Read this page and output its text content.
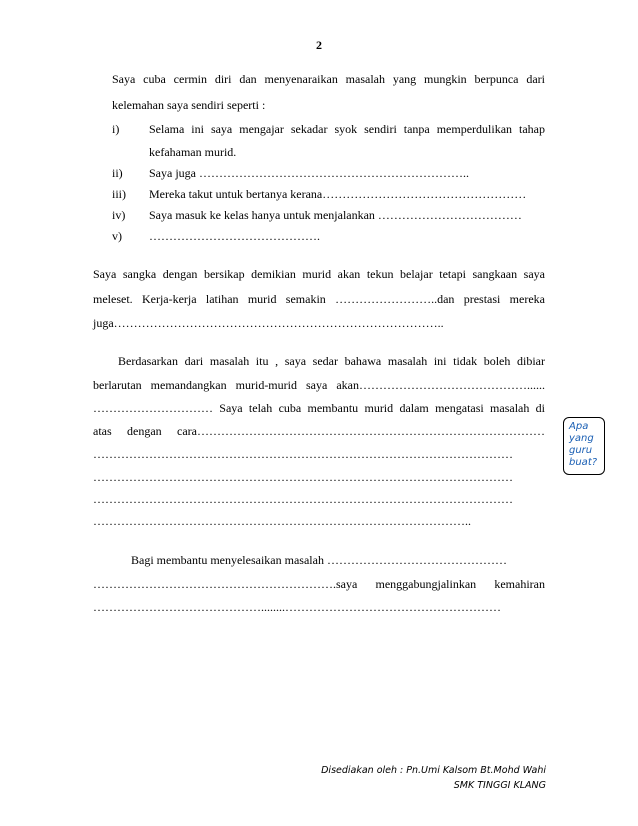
2
Saya cuba cermin diri dan menyenaraikan masalah yang mungkin berpunca dari
kelemahan saya sendiri seperti :
i) Selama ini saya mengajar sekadar syok sendiri tanpa memperdulikan tahap
kefahaman murid.
ii) Saya juga …………………………………………………………..
iii) Mereka takut untuk bertanya kerana……………………………………………
iv) Saya masuk ke kelas hanya untuk menjalankan ………………………………
v) …………………………………….
Saya sangka dengan bersikap demikian murid akan tekun belajar tetapi sangkaan saya
meleset. Kerja-kerja latihan murid semakin ……………………..dan prestasi mereka
juga………………………………………………………………………..
Berdasarkan dari masalah itu , saya sedar bahawa masalah ini tidak boleh dibiar
berlarutan memandangkan murid-murid saya akan……………………………………......
………………………… Saya telah cuba membantu murid dalam mengatasi masalah di
atas dengan cara……………………………………………………………………………
……………………………………………………………………………………………
……………………………………………………………………………………………
……………………………………………………………………………………………
…………………………………………………………………………………..
Apa
yang
guru
buat?
Bagi membantu menyelesaikan masalah ………………………………………
…………………………………………………….saya menggabungjalinkan kemahiran
……………………………………........………………………………………………
Disediakan oleh : Pn.Umi Kalsom Bt.Mohd Wahi
SMK TINGGI KLANG
